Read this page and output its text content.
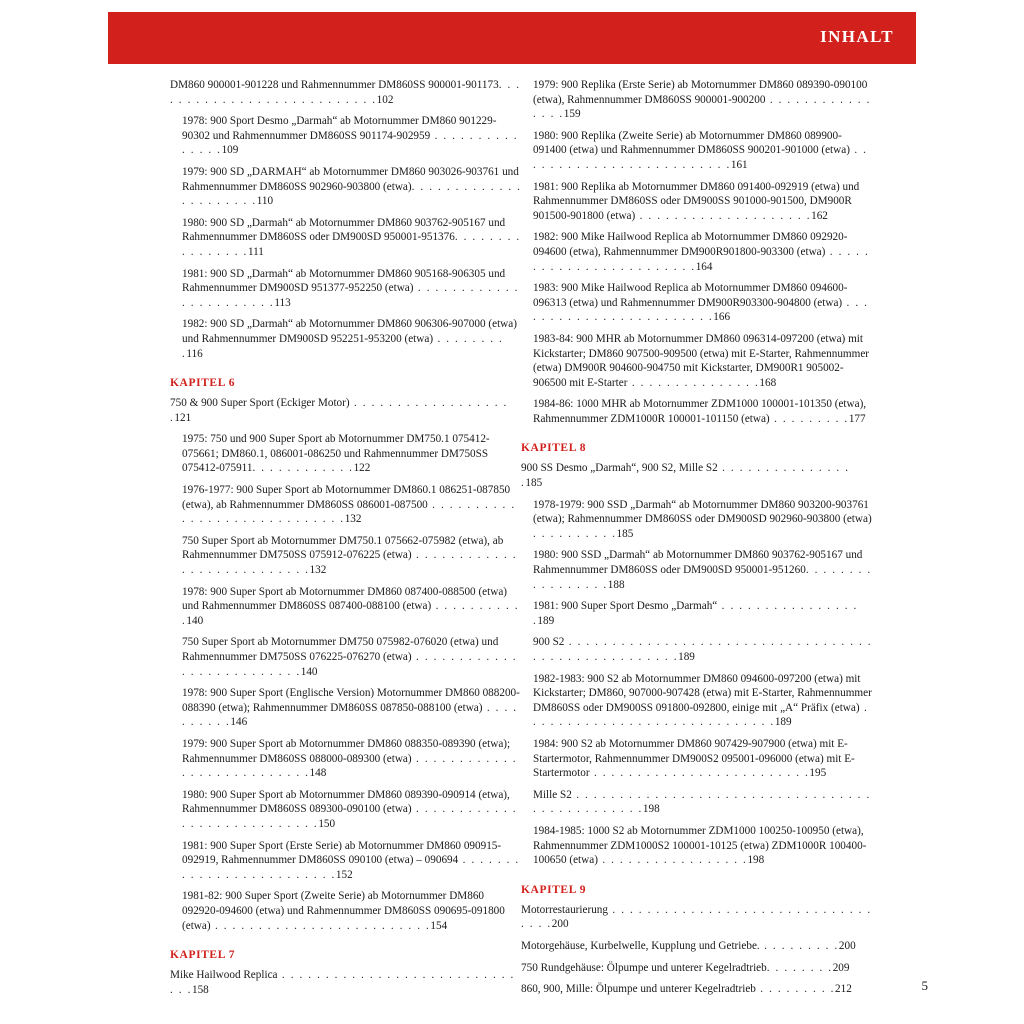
INHALT
DM860 900001-901228 und Rahmennummer DM860SS 900001-901173. . . . . . . . . . . . . . . . . . . . . . . . . . .102
1978: 900 Sport Desmo „Darmah“ ab Motornummer DM860 901229-90302 und Rahmennummer DM860SS 901174-902959 . . . . . . . . . . . . . . .109
1979: 900 SD „DARMAH“ ab Motornummer DM860 903026-903761 und Rahmennummer DM860SS 902960-903800 (etwa). . . . . . . . . . . . . . . . . . . . . .110
1980: 900 SD „Darmah“ ab Motornummer DM860 903762-905167 und Rahmennummer DM860SS oder DM900SD 950001-951376. . . . . . . . . . . . . . . .111
1981: 900 SD „Darmah“ ab Motornummer DM860 905168-906305 und Rahmennummer DM900SD 951377-952250 (etwa) . . . . . . . . . . . . . . . . . . . . . . .113
1982: 900 SD „Darmah“ ab Motornummer DM860 906306-907000 (etwa) und Rahmennummer DM900SD 952251-953200 (etwa) . . . . . . . . .116
KAPITEL 6
750 & 900 Super Sport (Eckiger Motor) . . . . . . . . . . . . . . . . . . .121
1975: 750 und 900 Super Sport ab Motornummer DM750.1 075412-075661; DM860.1, 086001-086250 und Rahmennummer DM750SS 075412-075911. . . . . . . . . . . .122
1976-1977: 900 Super Sport ab Motornummer DM860.1 086251-087850 (etwa), ab Rahmennummer DM860SS 086001-087500 . . . . . . . . . . . . . . . . . . . . . . . . . . . . .132
750 Super Sport ab Motornummer DM750.1 075662-075982 (etwa), ab Rahmennummer DM750SS 075912-076225 (etwa) . . . . . . . . . . . . . . . . . . . . . . . . . . .132
1978: 900 Super Sport ab Motornummer DM860 087400-088500 (etwa) und Rahmennummer DM860SS 087400-088100 (etwa) . . . . . . . . . . .140
750 Super Sport ab Motornummer DM750 075982-076020 (etwa) und Rahmennummer DM750SS 076225-076270 (etwa) . . . . . . . . . . . . . . . . . . . . . . . . . .140
1978: 900 Super Sport (Englische Version) Motornummer DM860 088200-088390 (etwa); Rahmennummer DM860SS 087850-088100 (etwa) . . . . . . . . . .146
1979: 900 Super Sport ab Motornummer DM860 088350-089390 (etwa); Rahmennummer DM860SS 088000-089300 (etwa) . . . . . . . . . . . . . . . . . . . . . . . . . . .148
1980: 900 Super Sport ab Motornummer DM860 089390-090914 (etwa), Rahmennummer DM860SS 089300-090100 (etwa) . . . . . . . . . . . . . . . . . . . . . . . . . . . .150
1981: 900 Super Sport (Erste Serie) ab Motornummer DM860 090915-092919, Rahmennummer DM860SS 090100 (etwa) – 090694 . . . . . . . . . . . . . . . . . . . . . . . . .152
1981-82: 900 Super Sport (Zweite Serie) ab Motornummer DM860 092920-094600 (etwa) und Rahmennummer DM860SS 090695-091800 (etwa) . . . . . . . . . . . . . . . . . . . . . . . . .154
KAPITEL 7
Mike Hailwood Replica . . . . . . . . . . . . . . . . . . . . . . . . . . . . . .158
1979: 900 Replika (Erste Serie) ab Motornummer DM860 089390-090100 (etwa), Rahmennummer DM860SS 900001-900200 . . . . . . . . . . . . . . . .159
1980: 900 Replika (Zweite Serie) ab Motornummer DM860 089900-091400 (etwa) und Rahmennummer DM860SS 900201-901000 (etwa) . . . . . . . . . . . . . . . . . . . . . . . . .161
1981: 900 Replika ab Motornummer DM860 091400-092919 (etwa) und Rahmennummer DM860SS oder DM900SS 901000-901500, DM900R 901500-901800 (etwa) . . . . . . . . . . . . . . . . . . . .162
1982: 900 Mike Hailwood Replica ab Motornummer DM860 092920-094600 (etwa), Rahmennummer DM900R901800-903300 (etwa) . . . . . . . . . . . . . . . . . . . . . . . .164
1983: 900 Mike Hailwood Replica ab Motornummer DM860 094600-096313 (etwa) und Rahmennummer DM900R903300-904800 (etwa) . . . . . . . . . . . . . . . . . . . . . . . .166
1983-84: 900 MHR ab Motornummer DM860 096314-097200 (etwa) mit Kickstarter; DM860 907500-909500 (etwa) mit E-Starter, Rahmennummer (etwa) DM900R 904600-904750 mit Kickstarter, DM900R1 905002-906500 mit E-Starter . . . . . . . . . . . . . . .168
1984-86: 1000 MHR ab Motornummer ZDM1000 100001-101350 (etwa), Rahmennummer ZDM1000R 100001-101150 (etwa) . . . . . . . . .177
KAPITEL 8
900 SS Desmo „Darmah“, 900 S2, Mille S2 . . . . . . . . . . . . . . . .185
1978-1979: 900 SSD „Darmah“ ab Motornummer DM860 903200-903761 (etwa); Rahmennummer DM860SS oder DM900SD 902960-903800 (etwa) . . . . . . . . . .185
1980: 900 SSD „Darmah“ ab Motornummer DM860 903762-905167 und Rahmennummer DM860SS oder DM900SD 950001-951260. . . . . . . . . . . . . . . . .188
1981: 900 Super Sport Desmo „Darmah“ . . . . . . . . . . . . . . . . .189
900 S2 . . . . . . . . . . . . . . . . . . . . . . . . . . . . . . . . . . . . . . . . . . . . . . . . . . . .189
1982-1983: 900 S2 ab Motornummer DM860 094600-097200 (etwa) mit Kickstarter; DM860, 907000-907428 (etwa) mit E-Starter, Rahmennummer DM860SS oder DM900SS 091800-092800, einige mit „A“ Präfix (etwa) . . . . . . . . . . . . . . . . . . . . . . . . . . . . .189
1984: 900 S2 ab Motornummer DM860 907429-907900 (etwa) mit E-Startermotor, Rahmennummer DM900S2 095001-096000 (etwa) mit E-Startermotor . . . . . . . . . . . . . . . . . . . . . . . . .195
Mille S2 . . . . . . . . . . . . . . . . . . . . . . . . . . . . . . . . . . . . . . . . . . . . . . .198
1984-1985: 1000 S2 ab Motornummer ZDM1000 100250-100950 (etwa), Rahmennummer ZDM1000S2 100001-10125 (etwa) ZDM1000R 100400-100650 (etwa) . . . . . . . . . . . . . . . . .198
KAPITEL 9
Motorrestaurierung . . . . . . . . . . . . . . . . . . . . . . . . . . . . . . . . . .200
Motorgehäuse, Kurbelwelle, Kupplung und Getriebe. . . . . . . . . .200
750 Rundgehäuse: Ölpumpe und unterer Kegelradtrieb. . . . . . . .209
860, 900, Mille: Ölpumpe und unterer Kegelradtrieb . . . . . . . . .212	5
